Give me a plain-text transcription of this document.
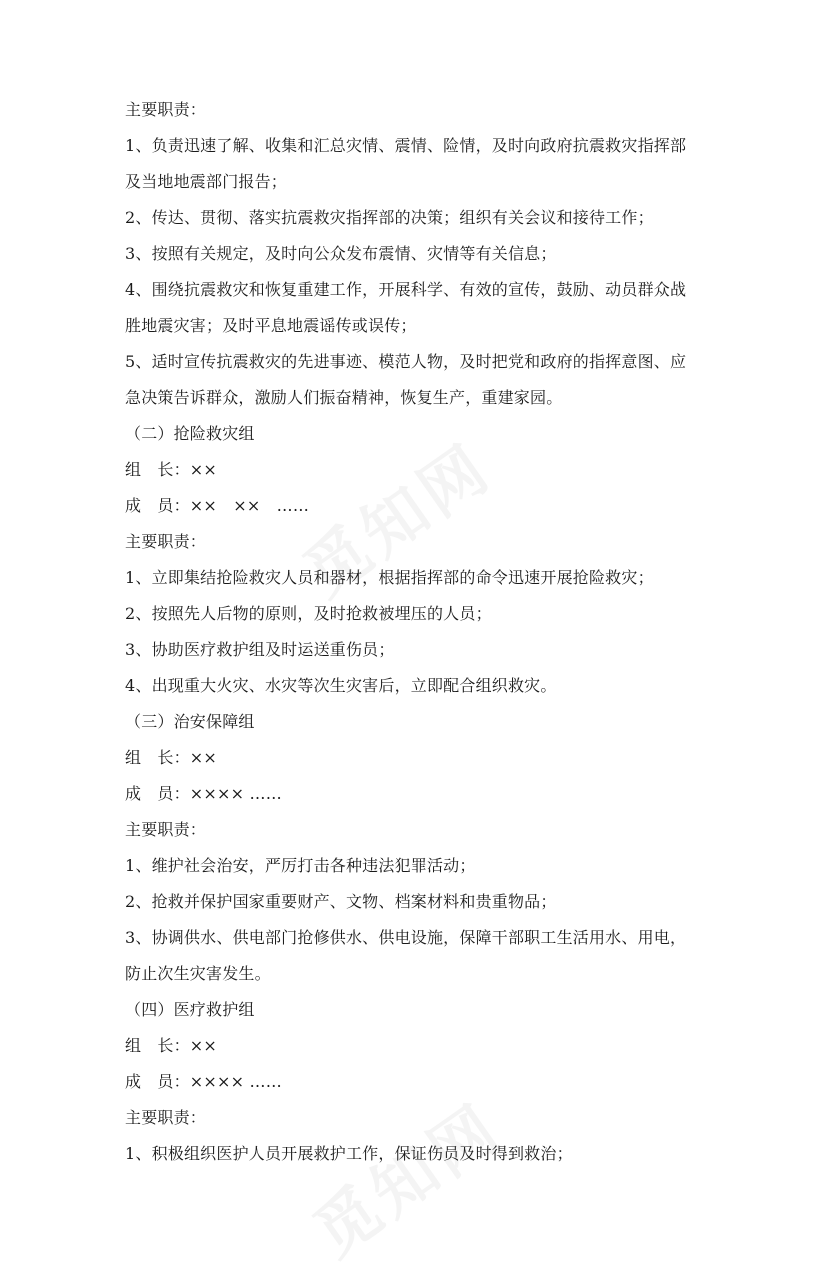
主要职责：
1、负责迅速了解、收集和汇总灾情、震情、险情，及时向政府抗震救灾指挥部
及当地地震部门报告；
2、传达、贯彻、落实抗震救灾指挥部的决策；组织有关会议和接待工作；
3、按照有关规定，及时向公众发布震情、灾情等有关信息；
4、围绕抗震救灾和恢复重建工作，开展科学、有效的宣传，鼓励、动员群众战
胜地震灾害；及时平息地震谣传或误传；
5、适时宣传抗震救灾的先进事迹、模范人物，及时把党和政府的指挥意图、应
急决策告诉群众，激励人们振奋精神，恢复生产，重建家园。
（二）抢险救灾组
组　长：××
成　员：××　××　……
主要职责：
1、立即集结抢险救灾人员和器材，根据指挥部的命令迅速开展抢险救灾；
2、按照先人后物的原则，及时抢救被埋压的人员；
3、协助医疗救护组及时运送重伤员；
4、出现重大火灾、水灾等次生灾害后，立即配合组织救灾。
（三）治安保障组
组　长：××
成　员：×××× ……
主要职责：
1、维护社会治安，严厉打击各种违法犯罪活动；
2、抢救并保护国家重要财产、文物、档案材料和贵重物品；
3、协调供水、供电部门抢修供水、供电设施，保障干部职工生活用水、用电，
防止次生灾害发生。
（四）医疗救护组
组　长：××
成　员：×××× ……
主要职责：
1、积极组织医护人员开展救护工作，保证伤员及时得到救治；
